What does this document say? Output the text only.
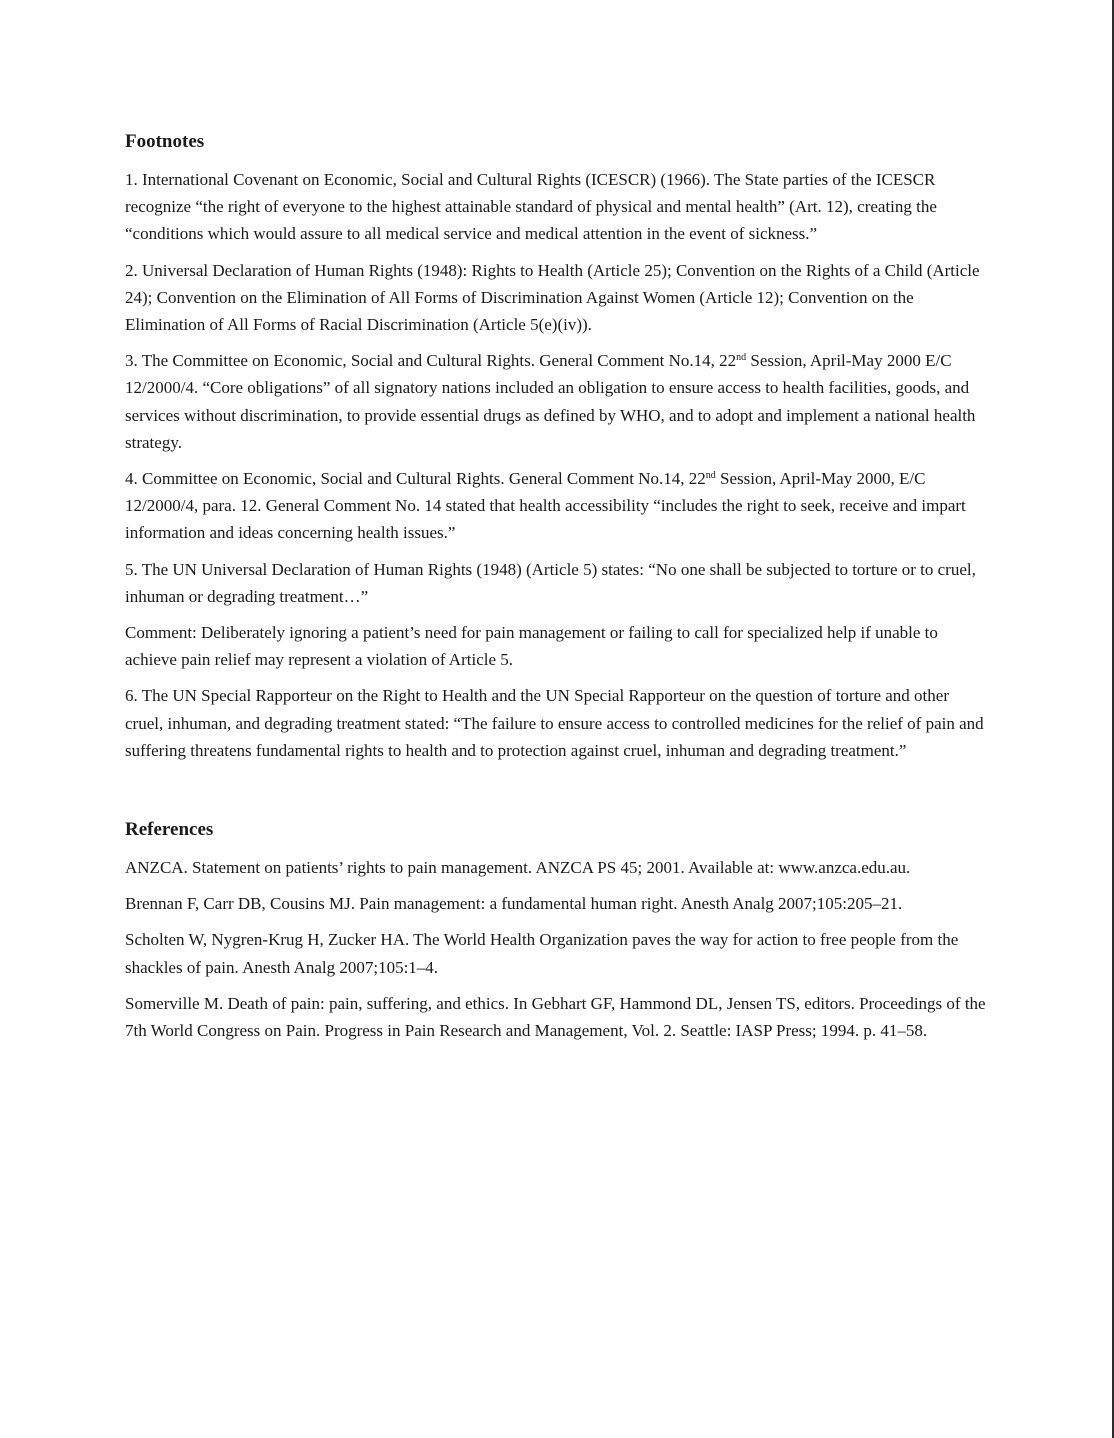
Footnotes

1. International Covenant on Economic, Social and Cultural Rights (ICESCR) (1966). The State parties of the ICESCR recognize “the right of everyone to the highest attainable standard of physical and mental health” (Art. 12), creating the “conditions which would assure to all medical service and medical attention in the event of sickness.”

2. Universal Declaration of Human Rights (1948): Rights to Health (Article 25); Convention on the Rights of a Child (Article 24); Convention on the Elimination of All Forms of Discrimination Against Women (Article 12); Convention on the Elimination of All Forms of Racial Discrimination (Article 5(e)(iv)).

3. The Committee on Economic, Social and Cultural Rights. General Comment No.14, 22nd Session, April-May 2000 E/C 12/2000/4. “Core obligations” of all signatory nations included an obligation to ensure access to health facilities, goods, and services without discrimination, to provide essential drugs as defined by WHO, and to adopt and implement a national health strategy.

4. Committee on Economic, Social and Cultural Rights. General Comment No.14, 22nd Session, April-May 2000, E/C 12/2000/4, para. 12. General Comment No. 14 stated that health accessibility “includes the right to seek, receive and impart information and ideas concerning health issues.”

5. The UN Universal Declaration of Human Rights (1948) (Article 5) states: “No one shall be subjected to torture or to cruel, inhuman or degrading treatment…”

Comment: Deliberately ignoring a patient’s need for pain management or failing to call for specialized help if unable to achieve pain relief may represent a violation of Article 5.

6. The UN Special Rapporteur on the Right to Health and the UN Special Rapporteur on the question of torture and other cruel, inhuman, and degrading treatment stated: “The failure to ensure access to controlled medicines for the relief of pain and suffering threatens fundamental rights to health and to protection against cruel, inhuman and degrading treatment.”

References

ANZCA. Statement on patients’ rights to pain management. ANZCA PS 45; 2001. Available at: www.anzca.edu.au.

Brennan F, Carr DB, Cousins MJ. Pain management: a fundamental human right. Anesth Analg 2007;105:205–21.

Scholten W, Nygren-Krug H, Zucker HA. The World Health Organization paves the way for action to free people from the shackles of pain. Anesth Analg 2007;105:1–4.

Somerville M. Death of pain: pain, suffering, and ethics. In Gebhart GF, Hammond DL, Jensen TS, editors. Proceedings of the 7th World Congress on Pain. Progress in Pain Research and Management, Vol. 2. Seattle: IASP Press; 1994. p. 41–58.
